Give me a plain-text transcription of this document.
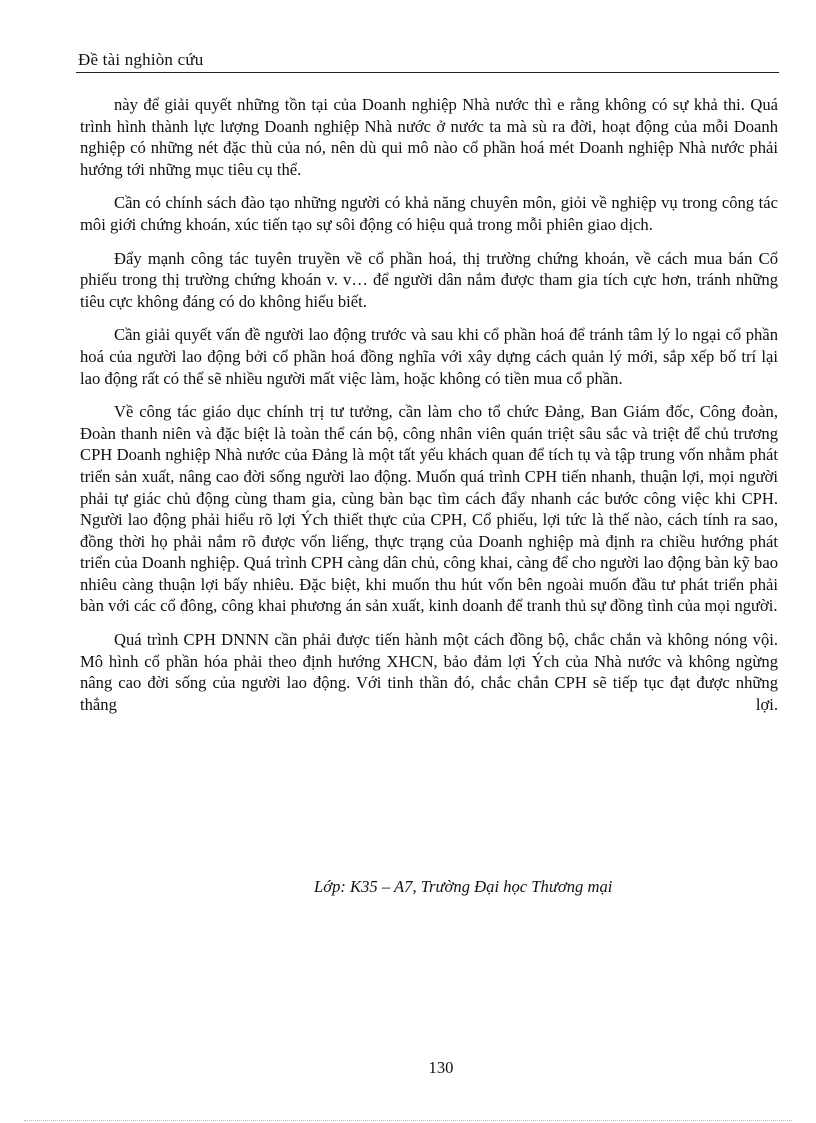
Đề tài nghiòn cứu

này để giải quyết những tồn tại của Doanh nghiệp Nhà nước thì e rằng không có sự khả thi. Quá trình hình thành lực lượng Doanh nghiệp Nhà nước ở nước ta mà sù ra đời, hoạt động của mỗi Doanh nghiệp có những nét đặc thù của nó, nên dù qui mô nào cổ phần hoá mét Doanh nghiệp Nhà nước phải hướng tới những mục tiêu cụ thể.

Cần có chính sách đào tạo những người có khả năng chuyên môn, giỏi về nghiệp vụ trong công tác môi giới chứng khoán, xúc tiến tạo sự sôi động có hiệu quả trong mỗi phiên giao dịch.

Đẩy mạnh công tác tuyên truyền về cổ phần hoá, thị trường chứng khoán, về cách mua bán Cổ phiếu trong thị trường chứng khoán v. v… để người dân nắm được tham gia tích cực hơn, tránh những tiêu cực không đáng có do không hiểu biết.

Cần giải quyết vấn đề người lao động trước và sau khi cổ phần hoá để tránh tâm lý lo ngại cổ phần hoá của người lao động bởi cổ phần hoá đồng nghĩa với xây dựng cách quản lý mới, sắp xếp bố trí lại lao động rất có thể sẽ nhiều người mất việc làm, hoặc không có tiền mua cổ phần.

Về công tác giáo dục chính trị tư tưởng, cần làm cho tổ chức Đảng, Ban Giám đốc, Công đoàn, Đoàn thanh niên và đặc biệt là toàn thể cán bộ, công nhân viên quán triệt sâu sắc và triệt để chủ trương CPH Doanh nghiệp Nhà nước của Đảng là một tất yếu khách quan để tích tụ và tập trung vốn nhằm phát triển sản xuất, nâng cao đời sống người lao động. Muốn quá trình CPH tiến nhanh, thuận lợi, mọi người phải tự giác chủ động cùng tham gia, cùng bàn bạc tìm cách đẩy nhanh các bước công việc khi CPH. Người lao động phải hiểu rõ lợi Ých thiết thực của CPH, Cổ phiếu, lợi tức là thế nào, cách tính ra sao, đồng thời họ phải nắm rõ được vốn liếng, thực trạng của Doanh nghiệp mà định ra chiều hướng phát triển của Doanh nghiệp. Quá trình CPH càng dân chủ, công khai, càng để cho người lao động bàn kỹ bao nhiêu càng thuận lợi bấy nhiêu. Đặc biệt, khi muốn thu hút vốn bên ngoài muốn đầu tư phát triển phải bàn với các cổ đông, công khai phương án sản xuất, kinh doanh để tranh thủ sự đồng tình của mọi người.

Quá trình CPH DNNN cần phải được tiến hành một cách đồng bộ, chắc chắn và không nóng vội. Mô hình cổ phần hóa phải theo định hướng XHCN, bảo đảm lợi Ých của Nhà nước và không ngừng nâng cao đời sống của người lao động. Với tinh thần đó, chắc chắn CPH sẽ tiếp tục đạt được những thắng lợi.

Lớp: K35 – A7, Trường Đại học Thương mại
130
